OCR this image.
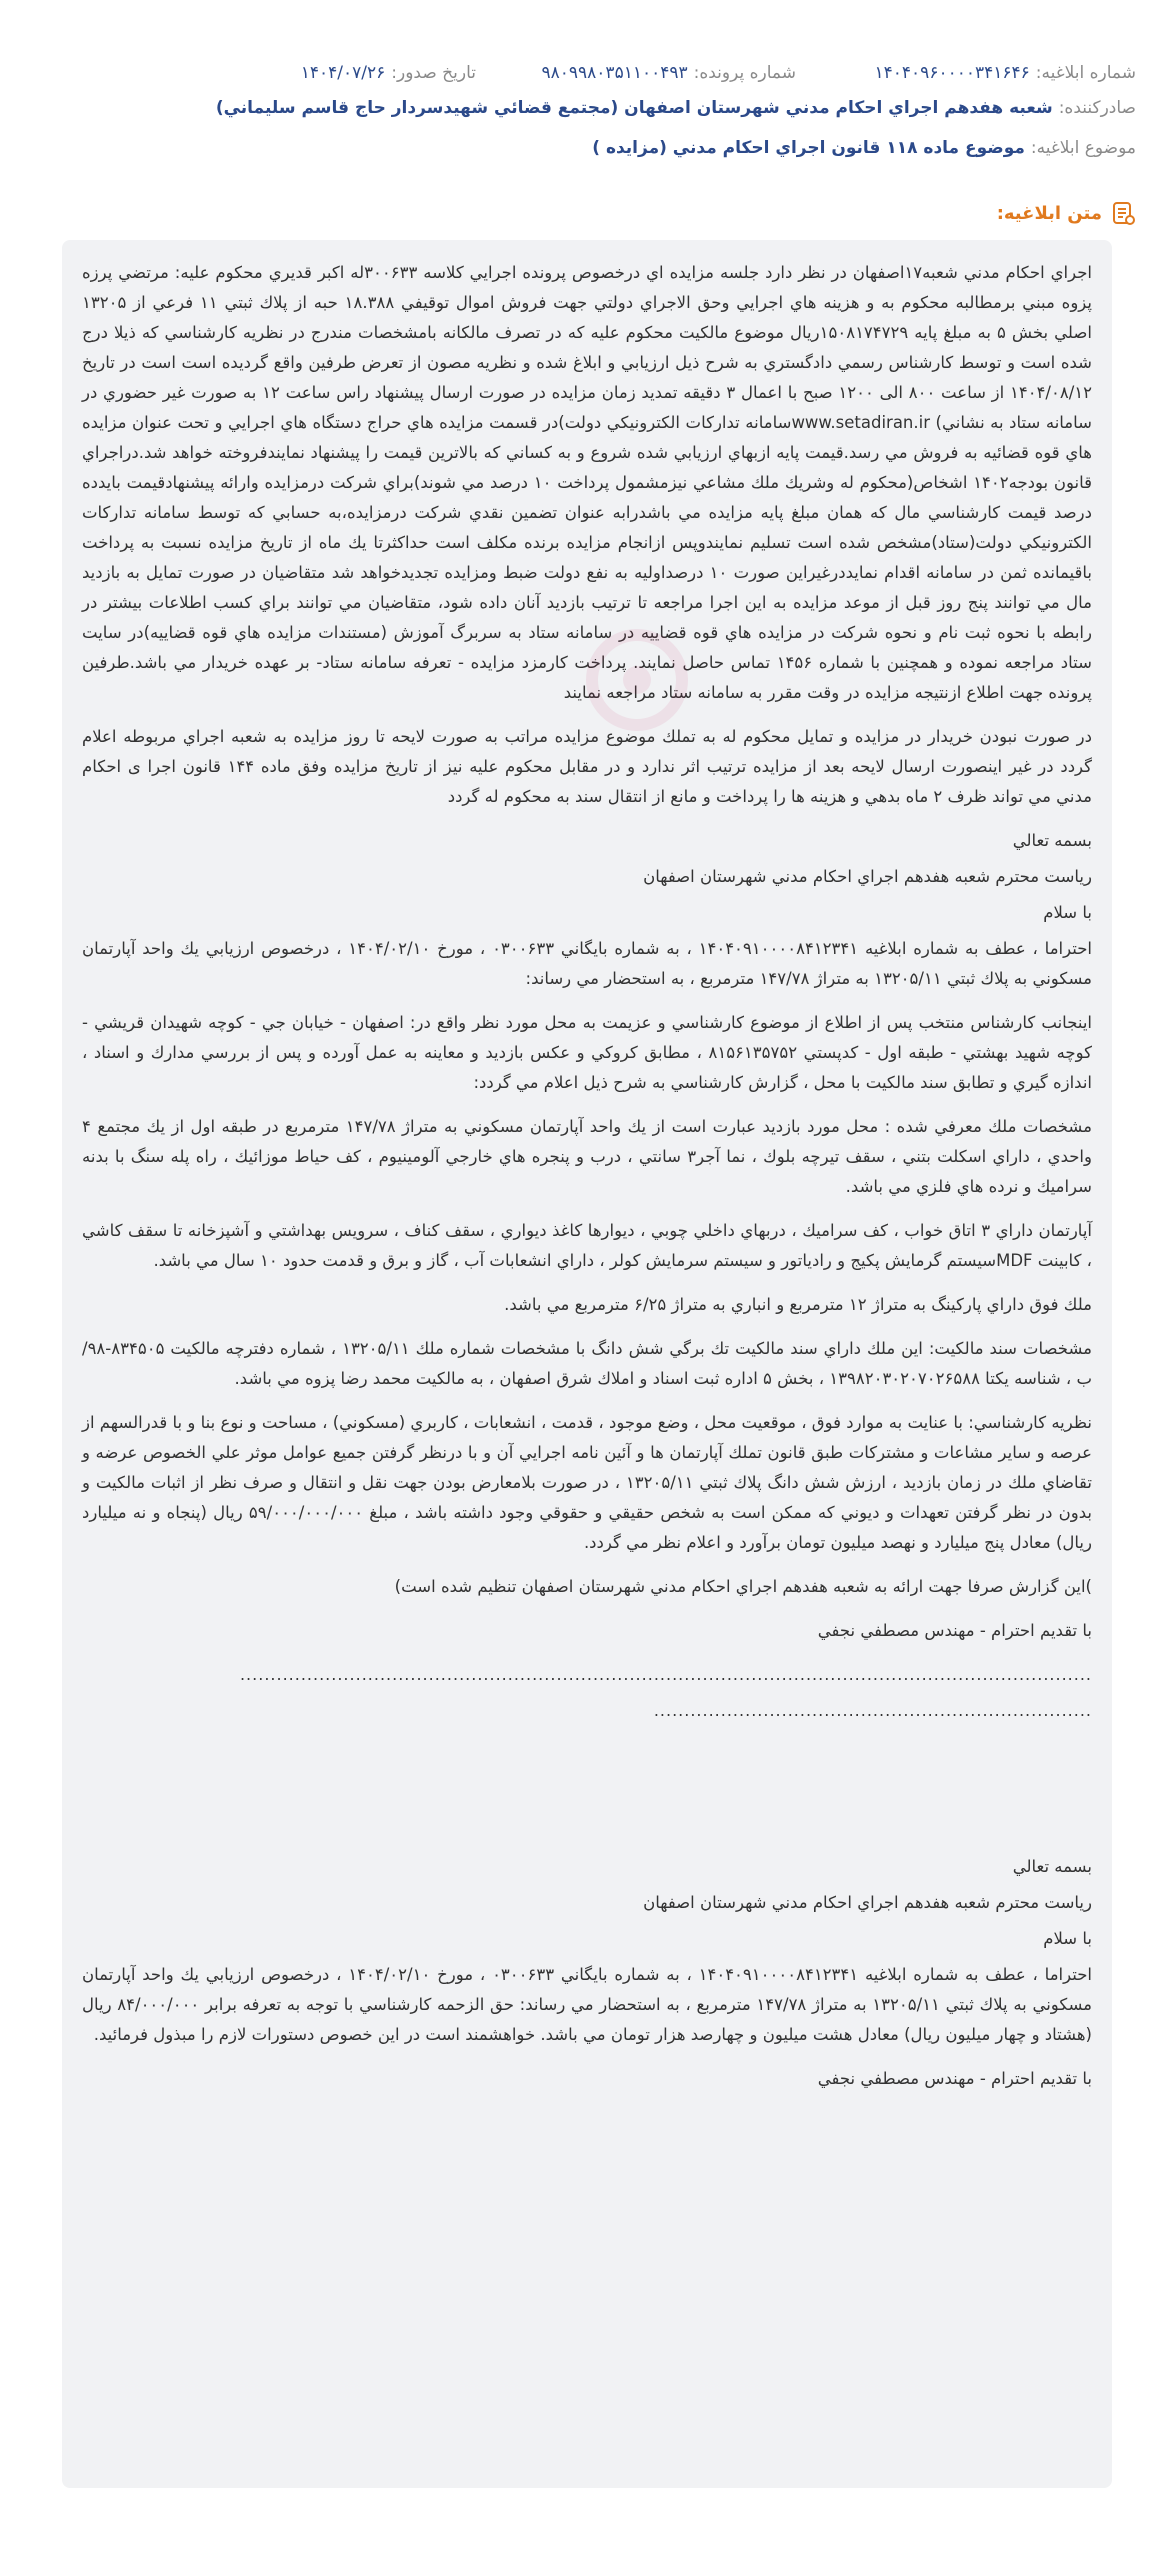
شماره ابلاغيه:
۱۴۰۴۰۹۶۰۰۰۰۳۴۱۶۴۶
شماره پرونده:
۹۸۰۹۹۸۰۳۵۱۱۰۰۴۹۳
تاريخ صدور:
۱۴۰۴/۰۷/۲۶
صادرکننده:
شعبه هفدهم اجراي احكام مدني شهرستان اصفهان (مجتمع قضائي شهيدسردار حاج قاسم سليماني)
موضوع ابلاغيه:
موضوع ماده ۱۱۸ قانون اجراي احکام مدني (مزايده )
متن ابلاغيه:

اجراي احكام مدني شعبه۱۷اصفهان در نظر دارد جلسه مزايده اي درخصوص پرونده اجرايي كلاسه ۳۰۰۶۳۳له اكبر قديري محكوم عليه: مرتضي پرزه پزوه مبني برمطالبه محكوم به و هزينه هاي اجرايي وحق الاجراي دولتي جهت فروش اموال توقيفي ۱۸.۳۸۸ حبه از پلاك ثبتي ۱۱ فرعي از ۱۳۲۰۵ اصلي بخش ۵ به مبلغ پايه ۱۵۰۸۱۷۴۷۲۹ريال موضوع مالكيت محكوم عليه كه در تصرف مالكانه بامشخصات مندرج در نظريه كارشناسي كه ذيلا درج شده است و توسط كارشناس رسمي دادگستري به شرح ذيل ارزيابي و ابلاغ شده و نظريه مصون از تعرض طرفين واقع گرديده است است در تاريخ ۱۴۰۴/۰۸/۱۲ از ساعت ۸۰۰ الی ۱۲۰۰ صبح با اعمال ۳ دقيقه تمديد زمان مزايده در صورت ارسال پيشنهاد راس ساعت ۱۲ به صورت غير حضوري در سامانه ستاد به نشاني) www.setadiran.irسامانه تداركات الكترونيكي دولت)در قسمت مزايده هاي حراج دستگاه هاي اجرايي و تحت عنوان مزايده هاي قوه قضائيه به فروش مي رسد.قيمت پايه ازبهاي ارزيابي شده شروع و به كساني كه بالاترين قيمت را پيشنهاد نمايندفروخته خواهد شد.دراجراي قانون بودجه۱۴۰۲ اشخاص(محكوم له وشريك ملك مشاعي نيزمشمول پرداخت ۱۰ درصد مي شوند)براي شركت درمزايده وارائه پيشنهادقيمت بايدده درصد قيمت كارشناسي مال كه همان مبلغ پايه مزايده مي باشدرابه عنوان تضمين نقدي شركت درمزايده،به حسابي كه توسط سامانه تداركات الكترونيكي دولت(ستاد)مشخص شده است تسليم نمايندوپس ازانجام مزايده برنده مكلف است حداكثرتا يك ماه از تاريخ مزايده نسبت به پرداخت باقيمانده ثمن در سامانه اقدام نمايددرغيراين صورت ۱۰ درصداوليه به نفع دولت ضبط ومزايده تجديدخواهد شد متقاضيان در صورت تمايل به بازديد مال مي توانند پنج روز قبل از موعد مزايده به اين اجرا مراجعه تا ترتيب بازديد آنان داده شود، متقاضيان مي توانند براي كسب اطلاعات بيشتر در رابطه با نحوه ثبت نام و نحوه شركت در مزايده هاي قوه قضاييه در سامانه ستاد به سربرگ آموزش (مستندات مزايده هاي قوه قضاييه)در سايت ستاد مراجعه نموده و همچنين با شماره ۱۴۵۶ تماس حاصل نمايند. پرداخت كارمزد مزايده - تعرفه سامانه ستاد- بر عهده خريدار مي باشد.طرفين پرونده جهت اطلاع ازنتيجه مزايده در وقت مقرر به سامانه ستاد مراجعه نمايند

در صورت نبودن خريدار در مزايده و تمايل محكوم له به تملك موضوع مزايده مراتب به صورت لايحه تا روز مزايده به شعبه اجراي مربوطه اعلام گردد در غير اينصورت ارسال لايحه بعد از مزايده ترتيب اثر ندارد و در مقابل محكوم عليه نيز از تاريخ مزايده وفق ماده ۱۴۴ قانون اجرا ی احكام مدني مي تواند ظرف ۲ ماه بدهي و هزينه ها را پرداخت و مانع از انتقال سند به محكوم له گردد

بسمه تعالي

رياست محترم شعبه هفدهم اجراي احكام مدني شهرستان اصفهان

با سلام

احتراما ، عطف به شماره ابلاغيه ۱۴۰۴۰۹۱۰۰۰۰۸۴۱۲۳۴۱ ، به شماره بايگاني ۰۳۰۰۶۳۳ ، مورخ ۱۴۰۴/۰۲/۱۰ ، درخصوص ارزيابي يك واحد آپارتمان مسكوني به پلاك ثبتي ۱۳۲۰۵/۱۱ به متراژ ۱۴۷/۷۸ مترمربع ، به استحضار مي رساند:

اينجانب كارشناس منتخب پس از اطلاع از موضوع كارشناسي و عزيمت به محل مورد نظر واقع در: اصفهان - خيابان جي - كوچه شهيدان قريشي - كوچه شهيد بهشتي - طبقه اول - كدپستي ۸۱۵۶۱۳۵۷۵۲ ، مطابق كروكي و عكس بازديد و معاينه به عمل آورده و پس از بررسي مدارك و اسناد ، اندازه گيري و تطابق سند مالكيت با محل ، گزارش كارشناسي به شرح ذيل اعلام مي گردد:

مشخصات ملك معرفي شده : محل مورد بازديد عبارت است از يك واحد آپارتمان مسكوني به متراژ ۱۴۷/۷۸ مترمربع در طبقه اول از يك مجتمع ۴ واحدي ، داراي اسكلت بتني ، سقف تيرچه بلوك ، نما آجر۳ سانتي ، درب و پنجره هاي خارجي آلومينيوم ، كف حياط موزائيك ، راه پله سنگ با بدنه سراميك و نرده هاي فلزي مي باشد.

آپارتمان داراي ۳ اتاق خواب ، كف سراميك ، دربهاي داخلي چوبي ، ديوارها كاغذ ديواري ، سقف كناف ، سرويس بهداشتي و آشپزخانه تا سقف كاشي ، كابينت MDFسيستم گرمايش پكيج و رادياتور و سيستم سرمايش كولر ، داراي انشعابات آب ، گاز و برق و قدمت حدود ۱۰ سال مي باشد.

ملك فوق داراي پاركينگ به متراژ ۱۲ مترمربع و انباري به متراژ ۶/۲۵ مترمربع مي باشد.

مشخصات سند مالكيت: اين ملك داراي سند مالكيت تك برگي شش دانگ با مشخصات شماره ملك ۱۳۲۰۵/۱۱ ، شماره دفترچه مالكيت ۸۳۴۵۰۵-۹۸/ب ، شناسه يكتا ۱۳۹۸۲۰۳۰۲۰۷۰۲۶۵۸۸ ، بخش ۵ اداره ثبت اسناد و املاك شرق اصفهان ، به مالكيت محمد رضا پزوه مي باشد.

نظريه كارشناسي: با عنايت به موارد فوق ، موقعيت محل ، وضع موجود ، قدمت ، انشعابات ، كاربري (مسكوني) ، مساحت و نوع بنا و با قدرالسهم از عرصه و ساير مشاعات و مشتركات طبق قانون تملك آپارتمان ها و آئين نامه اجرايي آن و با درنظر گرفتن جميع عوامل موثر علي الخصوص عرضه و تقاضاي ملك در زمان بازديد ، ارزش شش دانگ پلاك ثبتي ۱۳۲۰۵/۱۱ ، در صورت بلامعارض بودن جهت نقل و انتقال و صرف نظر از اثبات مالكيت و بدون در نظر گرفتن تعهدات و ديوني كه ممكن است به شخص حقيقي و حقوقي وجود داشته باشد ، مبلغ ۵۹/۰۰۰/۰۰۰/۰۰۰ ريال (پنجاه و نه ميليارد ريال) معادل پنج ميليارد و نهصد ميليون تومان برآورد و اعلام نظر مي گردد.

)اين گزارش صرفا جهت ارائه به شعبه هفدهم اجراي احكام مدني شهرستان اصفهان تنظيم شده است)

با تقديم احترام - مهندس مصطفي نجفي

............................................................................................................................................
........................................................................

بسمه تعالي

رياست محترم شعبه هفدهم اجراي احكام مدني شهرستان اصفهان

با سلام

احتراما ، عطف به شماره ابلاغيه ۱۴۰۴۰۹۱۰۰۰۰۸۴۱۲۳۴۱ ، به شماره بايگاني ۰۳۰۰۶۳۳ ، مورخ ۱۴۰۴/۰۲/۱۰ ، درخصوص ارزيابي يك واحد آپارتمان مسكوني به پلاك ثبتي ۱۳۲۰۵/۱۱ به متراژ ۱۴۷/۷۸ مترمربع ، به استحضار مي رساند: حق الزحمه كارشناسي با توجه به تعرفه برابر ۸۴/۰۰۰/۰۰۰ ريال (هشتاد و چهار ميليون ريال) معادل هشت ميليون و چهارصد هزار تومان مي باشد. خواهشمند است در اين خصوص دستورات لازم را مبذول فرمائيد.

با تقديم احترام - مهندس مصطفي نجفي
